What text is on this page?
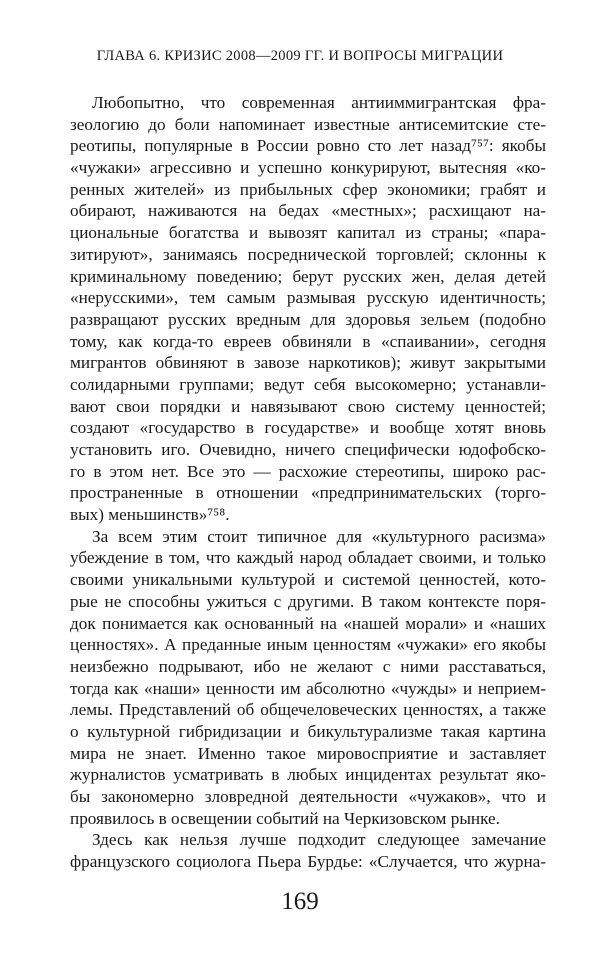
ГЛАВА 6. КРИЗИС 2008—2009 ГГ. И ВОПРОСЫ МИГРАЦИИ
Любопытно, что современная антииммигрантская фра-
зеологию до боли напоминает известные антисемитские сте-
реотипы, популярные в России ровно сто лет назад⁷⁵⁷: якобы
«чужаки» агрессивно и успешно конкурируют, вытесняя «ко-
ренных жителей» из прибыльных сфер экономики; грабят и
обирают, наживаются на бедах «местных»; расхищают на-
циональные богатства и вывозят капитал из страны; «пара-
зитируют», занимаясь посреднической торговлей; склонны к
криминальному поведению; берут русских жен, делая детей
«нерусскими», тем самым размывая русскую идентичность;
развращают русских вредным для здоровья зельем (подобно
тому, как когда-то евреев обвиняли в «спаивании», сегодня
мигрантов обвиняют в завозе наркотиков); живут закрытыми
солидарными группами; ведут себя высокомерно; устанавли-
вают свои порядки и навязывают свою систему ценностей;
создают «государство в государстве» и вообще хотят вновь
установить иго. Очевидно, ничего специфически юдофобско-
го в этом нет. Все это — расхожие стереотипы, широко рас-
пространенные в отношении «предпринимательских (торго-
вых) меньшинств»⁷⁵⁸.
За всем этим стоит типичное для «культурного расизма»
убеждение в том, что каждый народ обладает своими, и только
своими уникальными культурой и системой ценностей, кото-
рые не способны ужиться с другими. В таком контексте поря-
док понимается как основанный на «нашей морали» и «наших
ценностях». А преданные иным ценностям «чужаки» его якобы
неизбежно подрывают, ибо не желают с ними расставаться,
тогда как «наши» ценности им абсолютно «чужды» и неприем-
лемы. Представлений об общечеловеческих ценностях, а также
о культурной гибридизации и бикультурализме такая картина
мира не знает. Именно такое мировосприятие и заставляет
журналистов усматривать в любых инцидентах результат яко-
бы закономерно зловредной деятельности «чужаков», что и
проявилось в освещении событий на Черкизовском рынке.
Здесь как нельзя лучше подходит следующее замечание
французского социолога Пьера Бурдье: «Случается, что журна-
169
